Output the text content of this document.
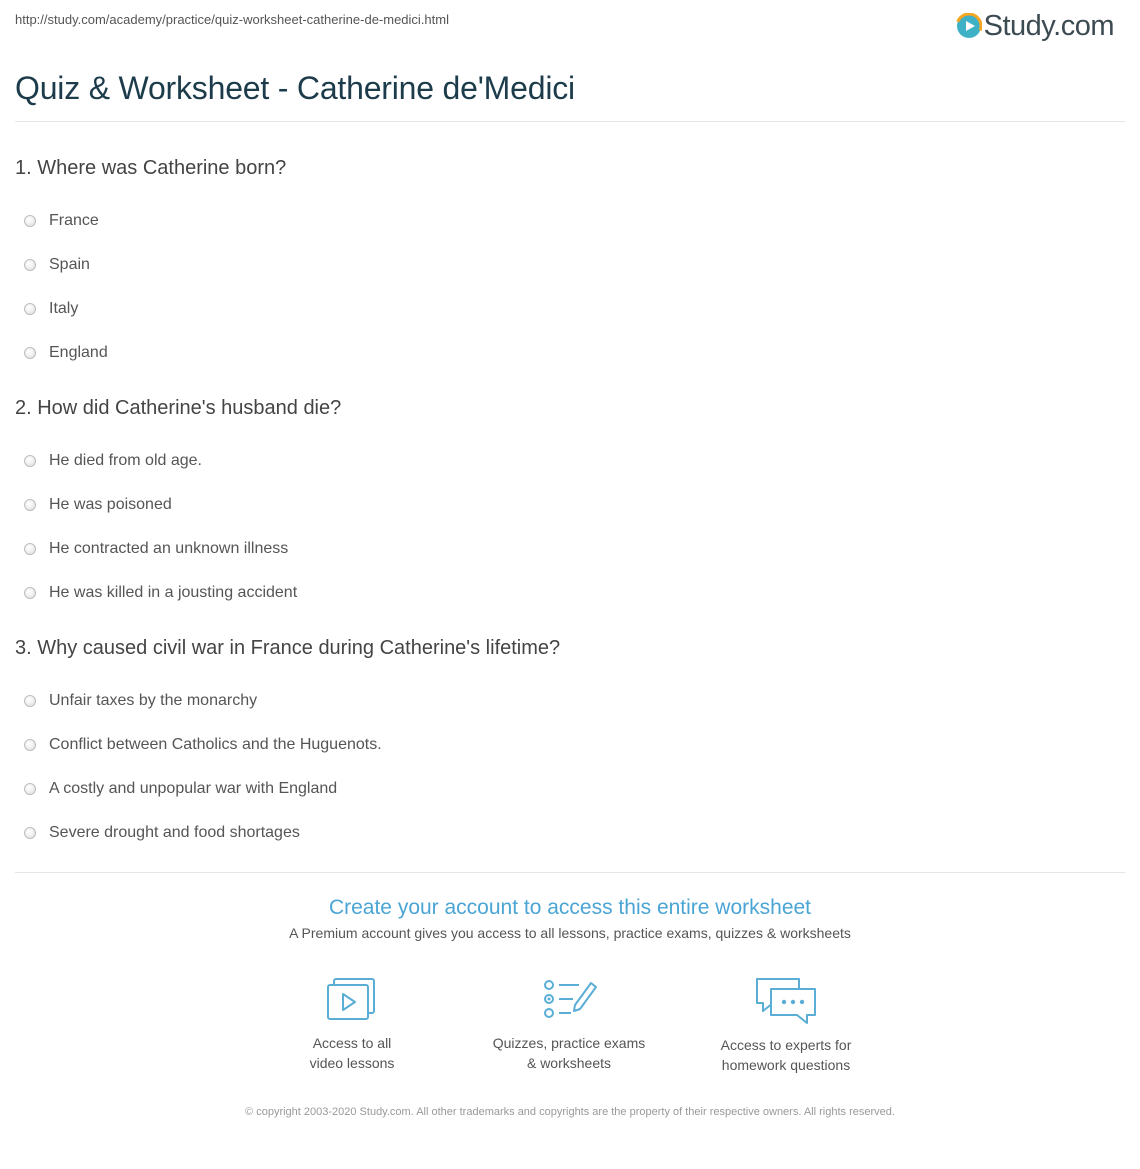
http://study.com/academy/practice/quiz-worksheet-catherine-de-medici.html	Study.com
Quiz & Worksheet - Catherine de'Medici
1. Where was Catherine born?
France
Spain
Italy
England
2. How did Catherine's husband die?
He died from old age.
He was poisoned
He contracted an unknown illness
He was killed in a jousting accident
3. Why caused civil war in France during Catherine's lifetime?
Unfair taxes by the monarchy
Conflict between Catholics and the Huguenots.
A costly and unpopular war with England
Severe drought and food shortages

Create your account to access this entire worksheet

A Premium account gives you access to all lessons, practice exams, quizzes & worksheets

Access to all
video lessons
Quizzes, practice exams
& worksheets
Access to experts for
homework questions
© copyright 2003-2020 Study.com. All other trademarks and copyrights are the property of their respective owners. All rights reserved.
